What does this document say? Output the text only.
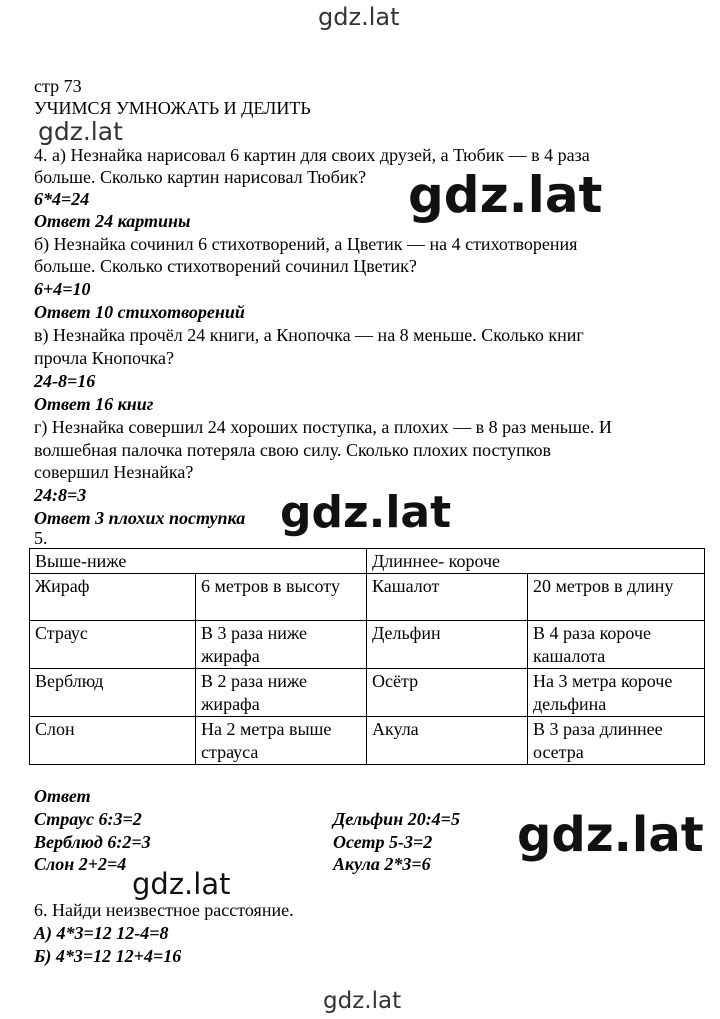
gdz.lat
gdz.lat
gdz.lat
gdz.lat
gdz.lat
gdz.lat
стр 73
УЧИМСЯ УМНОЖАТЬ И ДЕЛИТЬ
4. а) Незнайка нарисовал 6 картин для своих друзей, а Тюбик — в 4 раза
больше. Сколько картин нарисовал Тюбик?
6*4=24
Ответ 24 картины
б) Незнайка сочинил 6 стихотворений, а Цветик — на 4 стихотворения
больше. Сколько стихотворений сочинил Цветик?
6+4=10
Ответ 10 стихотворений
в) Незнайка прочёл 24 книги, а Кнопочка — на 8 меньше. Сколько книг
прочла Кнопочка?
24-8=16
Ответ 16 книг
г) Незнайка совершил 24 хороших поступка, а плохих — в 8 раз меньше. И
волшебная палочка потеряла свою силу. Сколько плохих поступков
совершил Незнайка?
24:8=3
Ответ 3 плохих поступка
5.
Выше-ниже		Длиннее- короче	
Жираф	6 метров в высоту	Кашалот	20 метров в длину
Страус	В 3 раза ниже жирафа	Дельфин	В 4 раза короче кашалота
Верблюд	В 2 раза ниже жирафа	Осётр	На 3 метра короче дельфина
Слон	На 2 метра выше страуса	Акула	В 3 раза длиннее осетра
Ответ
Страус 6:3=2
Верблюд 6:2=3
Слон 2+2=4
Дельфин 20:4=5
Осетр 5-3=2
Акула 2*3=6
gdz.lat
6. Найди неизвестное расстояние.
А) 4*3=12 12-4=8
Б) 4*3=12 12+4=16
